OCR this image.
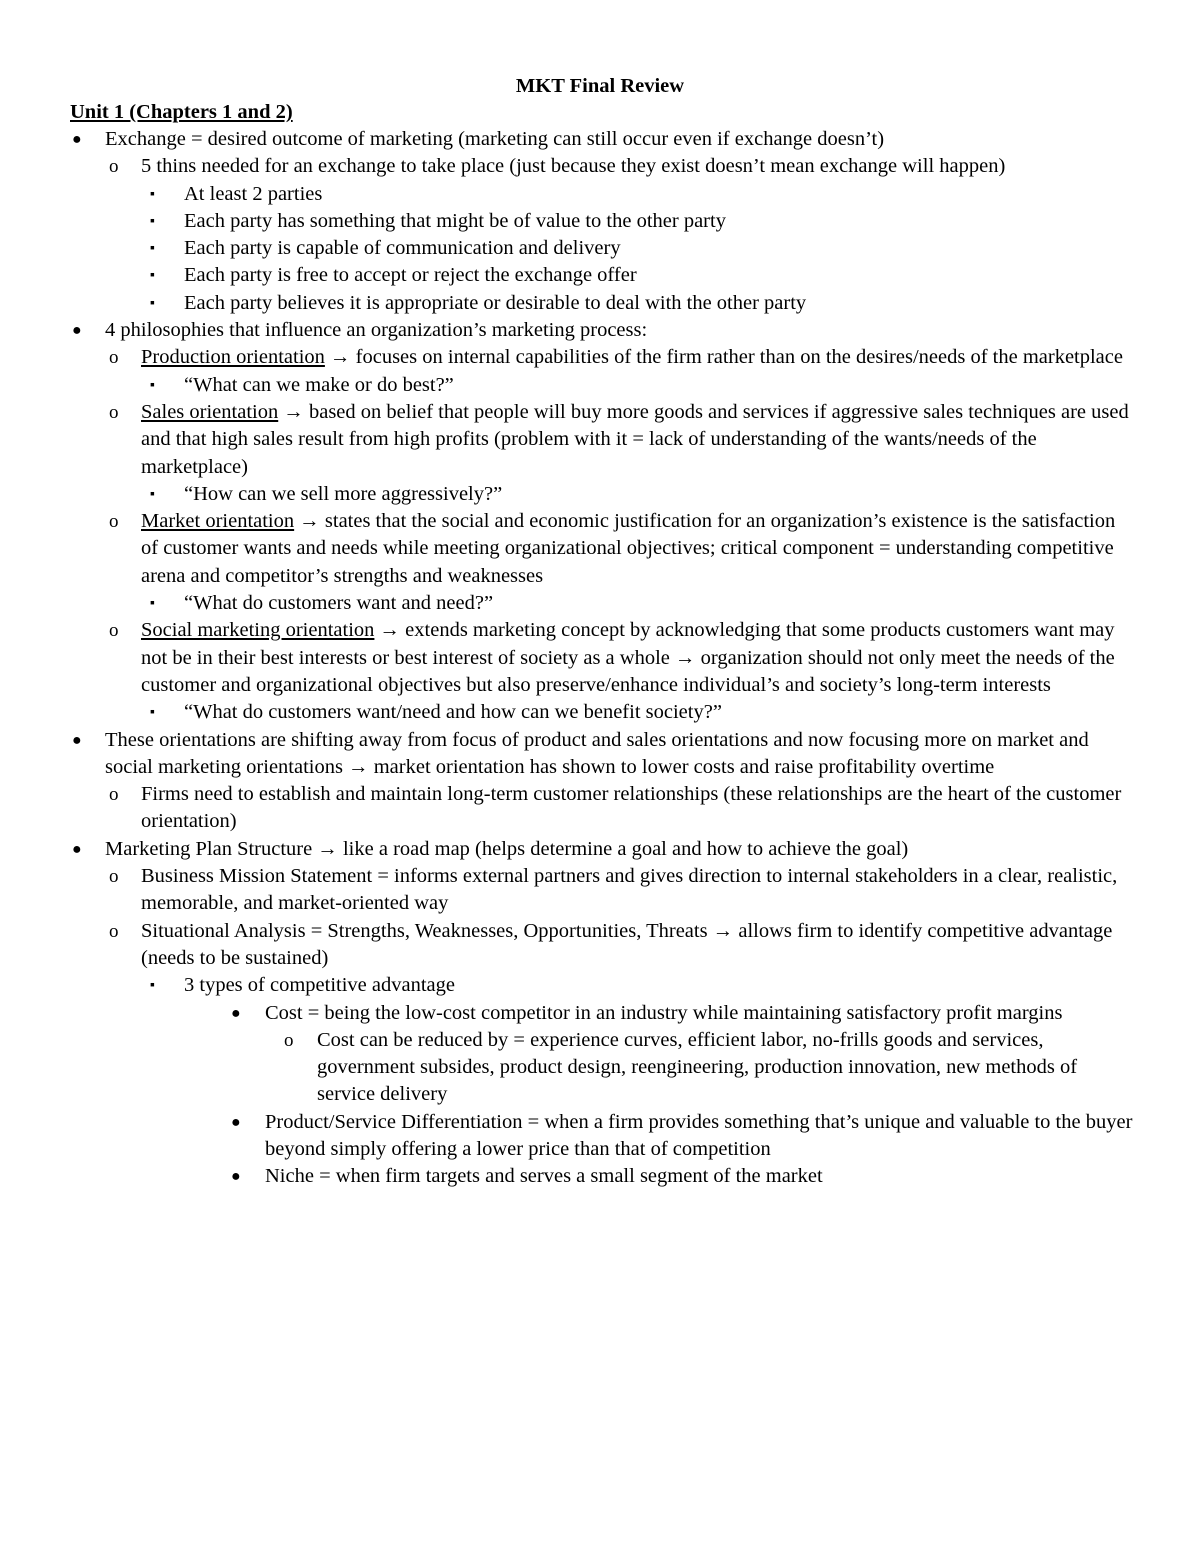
MKT Final Review
Unit 1 (Chapters 1 and 2)
● Exchange = desired outcome of marketing (marketing can still occur even if exchange doesn’t)
o 5 thins needed for an exchange to take place (just because they exist doesn’t mean exchange will happen)
▪ At least 2 parties
▪ Each party has something that might be of value to the other party
▪ Each party is capable of communication and delivery
▪ Each party is free to accept or reject the exchange offer
▪ Each party believes it is appropriate or desirable to deal with the other party
● 4 philosophies that influence an organization’s marketing process:
o Production orientation → focuses on internal capabilities of the firm rather than on the desires/needs of the marketplace
▪ “What can we make or do best?”
o Sales orientation → based on belief that people will buy more goods and services if aggressive sales techniques are used and that high sales result from high profits (problem with it = lack of understanding of the wants/needs of the marketplace)
▪ “How can we sell more aggressively?”
o Market orientation → states that the social and economic justification for an organization’s existence is the satisfaction of customer wants and needs while meeting organizational objectives; critical component = understanding competitive arena and competitor’s strengths and weaknesses
▪ “What do customers want and need?”
o Social marketing orientation → extends marketing concept by acknowledging that some products customers want may not be in their best interests or best interest of society as a whole → organization should not only meet the needs of the customer and organizational objectives but also preserve/enhance individual’s and society’s long-term interests
▪ “What do customers want/need and how can we benefit society?”
● These orientations are shifting away from focus of product and sales orientations and now focusing more on market and social marketing orientations → market orientation has shown to lower costs and raise profitability overtime
o Firms need to establish and maintain long-term customer relationships (these relationships are the heart of the customer orientation)
● Marketing Plan Structure → like a road map (helps determine a goal and how to achieve the goal)
o Business Mission Statement = informs external partners and gives direction to internal stakeholders in a clear, realistic, memorable, and market-oriented way
o Situational Analysis = Strengths, Weaknesses, Opportunities, Threats → allows firm to identify competitive advantage (needs to be sustained)
▪ 3 types of competitive advantage
● Cost = being the low-cost competitor in an industry while maintaining satisfactory profit margins
o Cost can be reduced by = experience curves, efficient labor, no-frills goods and services, government subsides, product design, reengineering, production innovation, new methods of service delivery
● Product/Service Differentiation = when a firm provides something that’s unique and valuable to the buyer beyond simply offering a lower price than that of competition
● Niche = when firm targets and serves a small segment of the market
